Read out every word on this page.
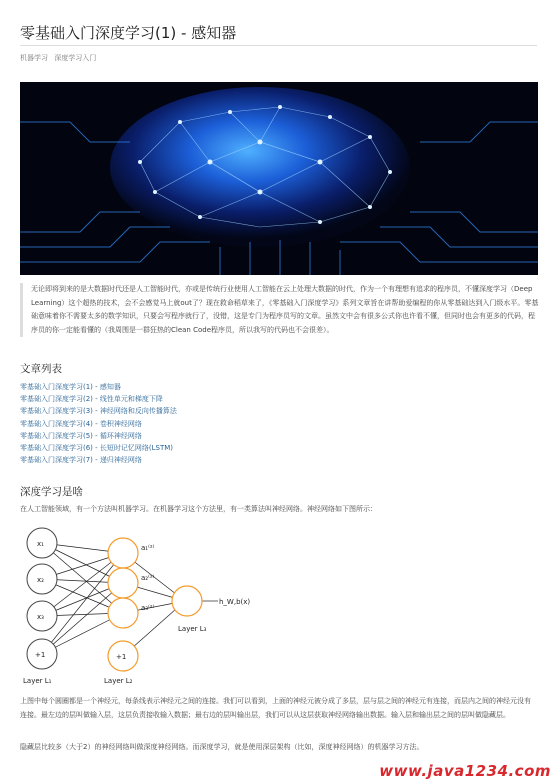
零基础入门深度学习(1) - 感知器
机器学习 深度学习入门
无论即将到来的是大数据时代还是人工智能时代，亦或是传统行业使用人工智能在云上处理大数据的时代，作为一个有理想有追求的程序员，不懂深度学习（Deep Learning）这个超热的技术，会不会感觉马上就out了？现在救命稻草来了，《零基础入门深度学习》系列文章旨在讲帮助爱编程的你从零基础达到入门级水平。零基础意味着你不需要太多的数学知识，只要会写程序就行了，没错，这是专门为程序员写的文章。虽然文中会有很多公式你也许看不懂，但同时也会有更多的代码，程序员的你一定能看懂的（我周围是一群狂热的Clean Code程序员，所以我写的代码也不会很差）。
文章列表
零基础入门深度学习(1) - 感知器
零基础入门深度学习(2) - 线性单元和梯度下降
零基础入门深度学习(3) - 神经网络和反向传播算法
零基础入门深度学习(4) - 卷积神经网络
零基础入门深度学习(5) - 循环神经网络
零基础入门深度学习(6) - 长短时记忆网络(LSTM)
零基础入门深度学习(7) - 递归神经网络
深度学习是啥
在人工智能领域，有一个方法叫机器学习。在机器学习这个方法里，有一类算法叫神经网络。神经网络如下图所示：
x₁
x₂
x₃
+1
a₁⁽²⁾
a₂⁽²⁾
a₃⁽²⁾
+1
h_W,b(x)
Layer L₁	Layer L₂
Layer L₃
上图中每个圆圈都是一个神经元，每条线表示神经元之间的连接。我们可以看到，上面的神经元被分成了多层，层与层之间的神经元有连接，而层内之间的神经元没有连接。最左边的层叫做输入层，这层负责接收输入数据；最右边的层叫输出层，我们可以从这层获取神经网络输出数据。输入层和输出层之间的层叫做隐藏层。
隐藏层比较多（大于2）的神经网络叫做深度神经网络。而深度学习，就是使用深层架构（比如，深度神经网络）的机器学习方法。
www.java1234.com
